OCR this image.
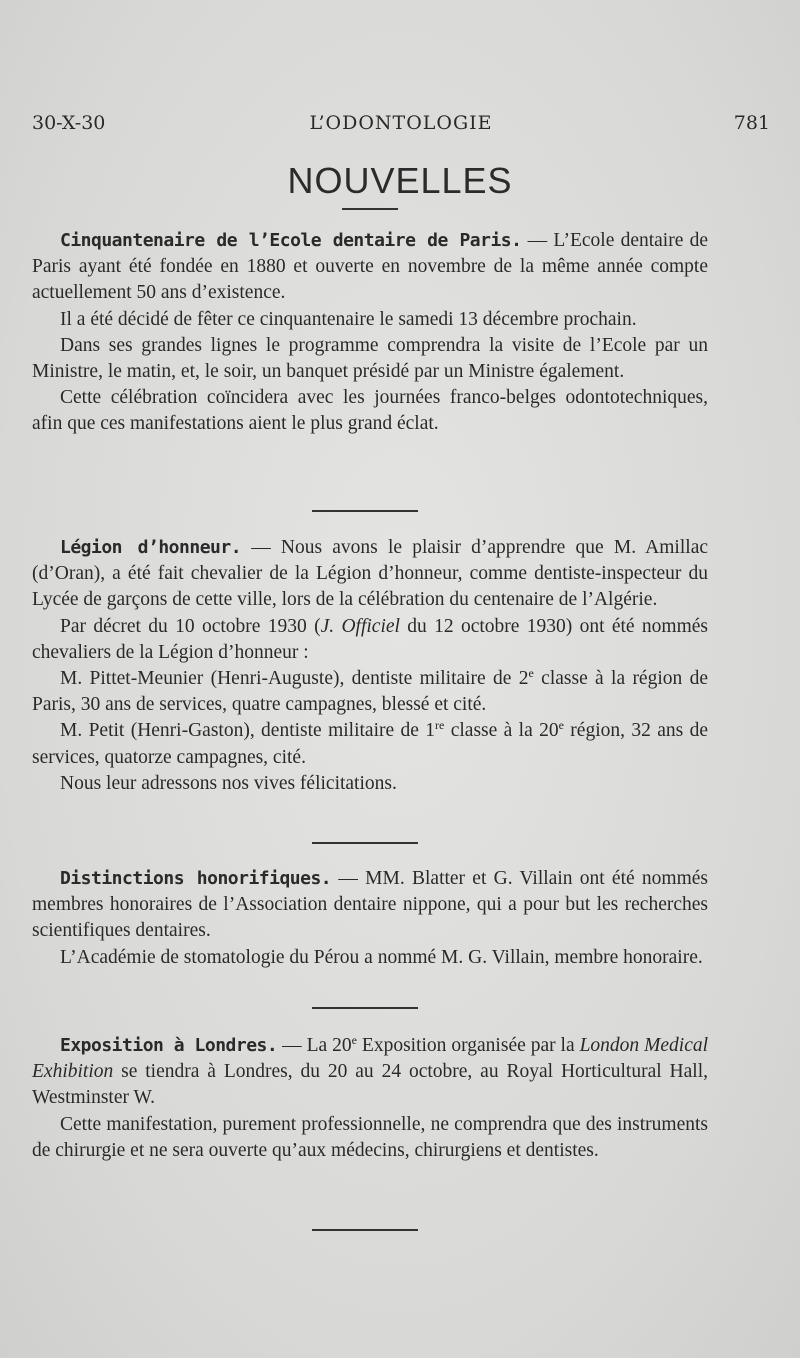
30-X-30	L’ODONTOLOGIE	781
NOUVELLES

Cinquantenaire de l’Ecole dentaire de Paris. — L’Ecole dentaire de Paris ayant été fondée en 1880 et ouverte en novembre de la même année compte actuellement 50 ans d’existence.

Il a été décidé de fêter ce cinquantenaire le samedi 13 décembre prochain.

Dans ses grandes lignes le programme comprendra la visite de l’Ecole par un Ministre, le matin, et, le soir, un banquet présidé par un Ministre également.

Cette célébration coïncidera avec les journées franco-belges odontotechniques, afin que ces manifestations aient le plus grand éclat.

Légion d’honneur. — Nous avons le plaisir d’apprendre que M. Amillac (d’Oran), a été fait chevalier de la Légion d’honneur, comme dentiste-inspecteur du Lycée de garçons de cette ville, lors de la célébration du centenaire de l’Algérie.

Par décret du 10 octobre 1930 (J. Officiel du 12 octobre 1930) ont été nommés chevaliers de la Légion d’honneur :

M. Pittet-Meunier (Henri-Auguste), dentiste militaire de 2e classe à la région de Paris, 30 ans de services, quatre campagnes, blessé et cité.

M. Petit (Henri-Gaston), dentiste militaire de 1re classe à la 20e région, 32 ans de services, quatorze campagnes, cité.

Nous leur adressons nos vives félicitations.

Distinctions honorifiques. — MM. Blatter et G. Villain ont été nommés membres honoraires de l’Association dentaire nippone, qui a pour but les recherches scientifiques dentaires.

L’Académie de stomatologie du Pérou a nommé M. G. Villain, membre honoraire.

Exposition à Londres. — La 20e Exposition organisée par la London Medical Exhibition se tiendra à Londres, du 20 au 24 octobre, au Royal Horticultural Hall, Westminster W.

Cette manifestation, purement professionnelle, ne comprendra que des instruments de chirurgie et ne sera ouverte qu’aux médecins, chirurgiens et dentistes.
